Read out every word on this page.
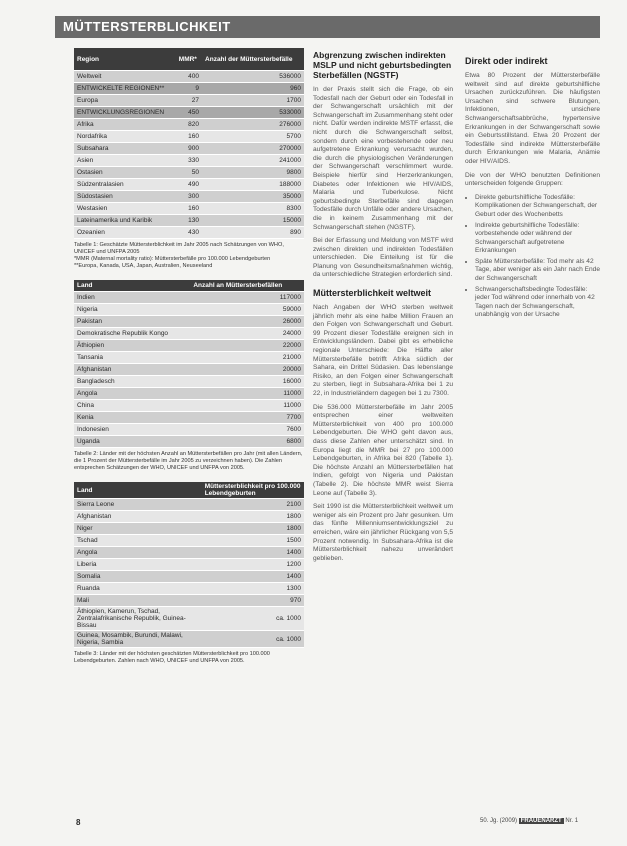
MÜTTERSTERBLICHKEIT
Region	MMR*	Anzahl der Müttersterbefälle
Weltweit	400	536000
ENTWICKELTE REGIONEN**	9	960
Europa	27	1700
ENTWICKLUNGSREGIONEN	450	533000
Afrika	820	276000
Nordafrika	160	5700
Subsahara	900	270000
Asien	330	241000
Ostasien	50	9800
Südzentralasien	490	188000
Südostasien	300	35000
Westasien	160	8300
Lateinamerika und Karibik	130	15000
Ozeanien	430	890
Tabelle 1: Geschätzte Müttersterblichkeit im Jahr 2005 nach Schätzungen von WHO, UNICEF und UNFPA 2005
*MMR (Maternal mortality ratio): Müttersterbefälle pro 100.000 Lebendgeburten
**Europa, Kanada, USA, Japan, Australien, Neuseeland
Land	Anzahl an Müttersterbefällen
Indien	117000
Nigeria	59000
Pakistan	26000
Demokratische Republik Kongo	24000
Äthiopien	22000
Tansania	21000
Afghanistan	20000
Bangladesch	16000
Angola	11000
China	11000
Kenia	7700
Indonesien	7600
Uganda	6800
Tabelle 2: Länder mit der höchsten Anzahl an Müttersterbefällen pro Jahr (mit allen Ländern, die 1 Prozent der Müttersterbefälle im Jahr 2005 zu verzeichnen haben). Die Zahlen entsprechen Schätzungen der WHO, UNICEF und UNFPA von 2005.
Land	Müttersterblichkeit pro 100.000 Lebendgeburten
Sierra Leone	2100
Afghanistan	1800
Niger	1800
Tschad	1500
Angola	1400
Liberia	1200
Somalia	1400
Ruanda	1300
Mali	970
Äthiopien, Kamerun, Tschad, Zentralafrikanische Republik, Guinea-Bissau	ca. 1000
Guinea, Mosambik, Burundi, Malawi, Nigeria, Sambia	ca. 1000
Tabelle 3: Länder mit der höchsten geschätzten Müttersterblichkeit pro 100.000 Lebendgeburten. Zahlen nach WHO, UNICEF und UNFPA von 2005.
Abgrenzung zwischen indirekten MSLP und nicht geburtsbedingten Sterbefällen (NGSTF)

In der Praxis stellt sich die Frage, ob ein Todesfall nach der Geburt oder ein Todesfall in der Schwangerschaft ursächlich mit der Schwangerschaft im Zusammenhang steht oder nicht. Dafür werden indirekte MSTF erfasst, die nicht durch die Schwangerschaft selbst, sondern durch eine vorbestehende oder neu aufgetretene Erkrankung verursacht wurden, die durch die physiologischen Veränderungen der Schwangerschaft verschlimmert wurde. Beispiele hierfür sind Herzerkrankungen, Diabetes oder Infektionen wie HIV/AIDS, Malaria und Tuberkulose. Nicht geburtsbedingte Sterbefälle sind dagegen Todesfälle durch Unfälle oder andere Ursachen, die in keinem Zusammenhang mit der Schwangerschaft stehen (NGSTF).

Bei der Erfassung und Meldung von MSTF wird zwischen direkten und indirekten Todesfällen unterschieden. Die Einteilung ist für die Planung von Gesundheitsmaßnahmen wichtig, da unterschiedliche Strategien erforderlich sind.

Müttersterblichkeit weltweit

Nach Angaben der WHO sterben weltweit jährlich mehr als eine halbe Million Frauen an den Folgen von Schwangerschaft und Geburt. 99 Prozent dieser Todesfälle ereignen sich in Entwicklungsländern. Dabei gibt es erhebliche regionale Unterschiede: Die Hälfte aller Müttersterbefälle betrifft Afrika südlich der Sahara, ein Drittel Südasien. Das lebenslange Risiko, an den Folgen einer Schwangerschaft zu sterben, liegt in Subsahara-Afrika bei 1 zu 22, in Industrieländern dagegen bei 1 zu 7300.

Die 536.000 Müttersterbefälle im Jahr 2005 entsprechen einer weltweiten Müttersterblichkeit von 400 pro 100.000 Lebendgeburten. Die WHO geht davon aus, dass diese Zahlen eher unterschätzt sind. In Europa liegt die MMR bei 27 pro 100.000 Lebendgeburten, in Afrika bei 820 (Tabelle 1). Die höchste Anzahl an Müttersterbefällen hat Indien, gefolgt von Nigeria und Pakistan (Tabelle 2). Die höchste MMR weist Sierra Leone auf (Tabelle 3).

Seit 1990 ist die Müttersterblichkeit weltweit um weniger als ein Prozent pro Jahr gesunken. Um das fünfte Millenniumsentwicklungsziel zu erreichen, wäre ein jährlicher Rückgang von 5,5 Prozent notwendig. In Subsahara-Afrika ist die Müttersterblichkeit nahezu unverändert geblieben.

Direkt oder indirekt

Etwa 80 Prozent der Müttersterbefälle weltweit sind auf direkte geburtshilfliche Ursachen zurückzuführen. Die häufigsten Ursachen sind schwere Blutungen, Infektionen, unsichere Schwangerschaftsabbrüche, hypertensive Erkrankungen in der Schwangerschaft sowie ein Geburtsstillstand. Etwa 20 Prozent der Todesfälle sind indirekte Müttersterbefälle durch Erkrankungen wie Malaria, Anämie oder HIV/AIDS.

Die von der WHO benutzten Definitionen unterscheiden folgende Gruppen:

• Direkte geburtshilfliche Todesfälle: Komplikationen der Schwangerschaft, der Geburt oder des Wochenbetts
• Indirekte geburtshilfliche Todesfälle: vorbestehende oder während der Schwangerschaft aufgetretene Erkrankungen
• Späte Müttersterbefälle: Tod mehr als 42 Tage, aber weniger als ein Jahr nach Ende der Schwangerschaft
• Schwangerschaftsbedingte Todesfälle: jeder Tod während oder innerhalb von 42 Tagen nach der Schwangerschaft, unabhängig von der Ursache
8	50. Jg. (2009) FRAUENARZT Nr. 1
